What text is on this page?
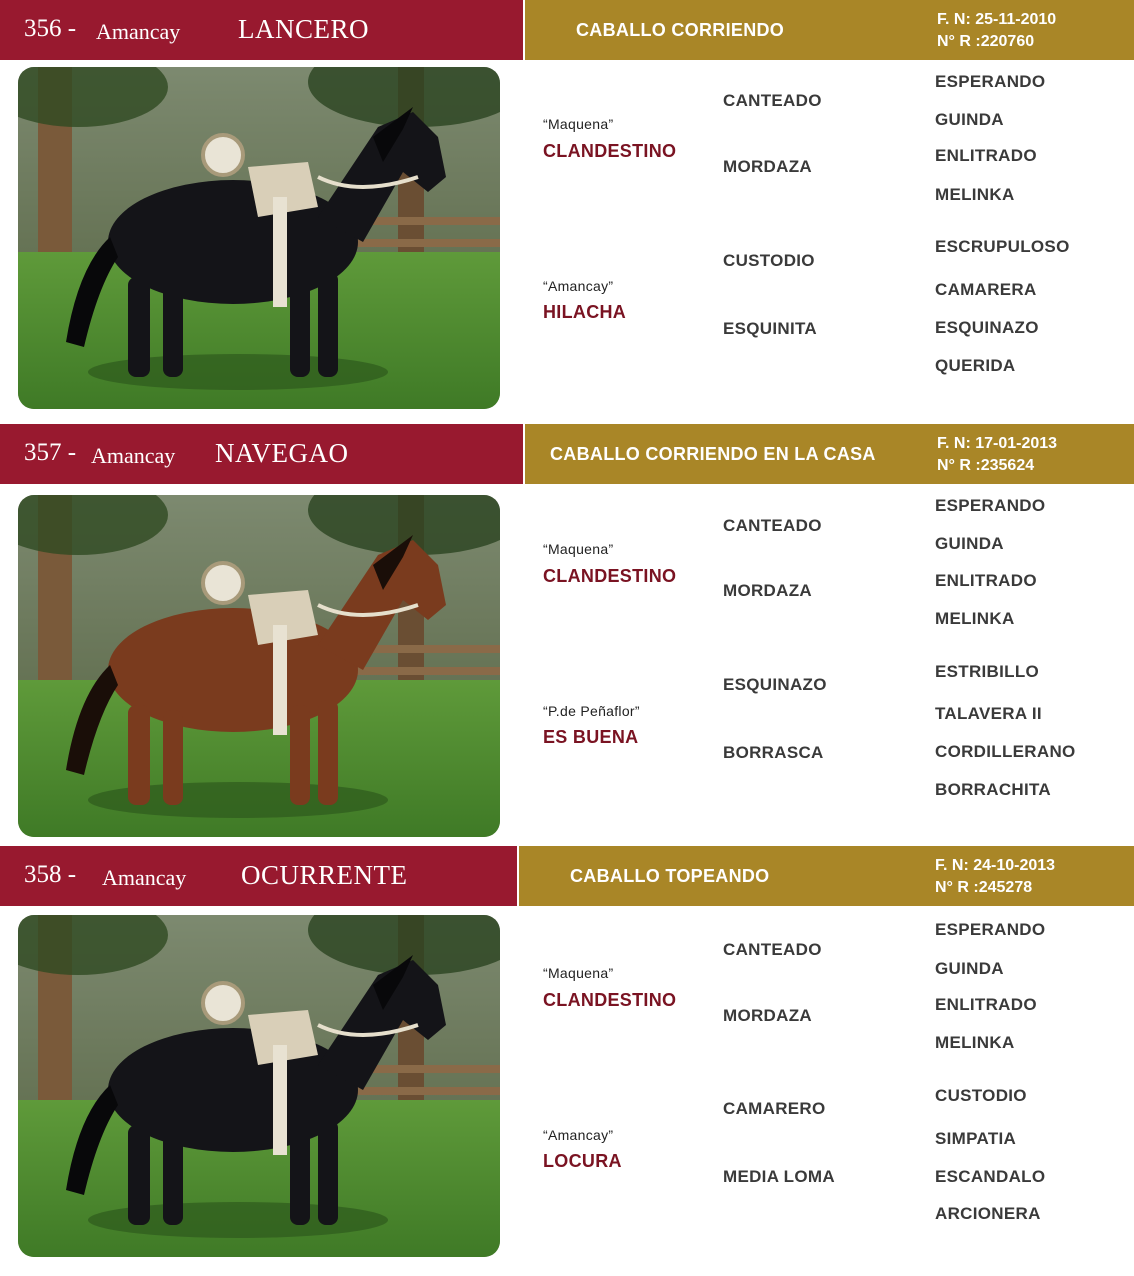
356 - Amancay LANCERO	CABALLO CORRIENDO
F. N: 25-11-2010
N° R :220760
“Maquena”
CLANDESTINO
CANTEADO
MORDAZA
ESPERANDO
GUINDA
ENLITRADO
MELINKA
“Amancay”
HILACHA
CUSTODIO
ESQUINITA
ESCRUPULOSO
CAMARERA
ESQUINAZO
QUERIDA
357 - Amancay NAVEGAO	CABALLO CORRIENDO EN LA CASA
F. N: 17-01-2013
N° R :235624
“Maquena”
CLANDESTINO
CANTEADO
MORDAZA
ESPERANDO
GUINDA
ENLITRADO
MELINKA
“P.de Peñaflor”
ES BUENA
ESQUINAZO
BORRASCA
ESTRIBILLO
TALAVERA II
CORDILLERANO
BORRACHITA
358 - Amancay OCURRENTE	CABALLO TOPEANDO
F. N: 24-10-2013
N° R :245278
“Maquena”
CLANDESTINO
CANTEADO
MORDAZA
ESPERANDO
GUINDA
ENLITRADO
MELINKA
“Amancay”
LOCURA
CAMARERO
MEDIA LOMA
CUSTODIO
SIMPATIA
ESCANDALO
ARCIONERA
